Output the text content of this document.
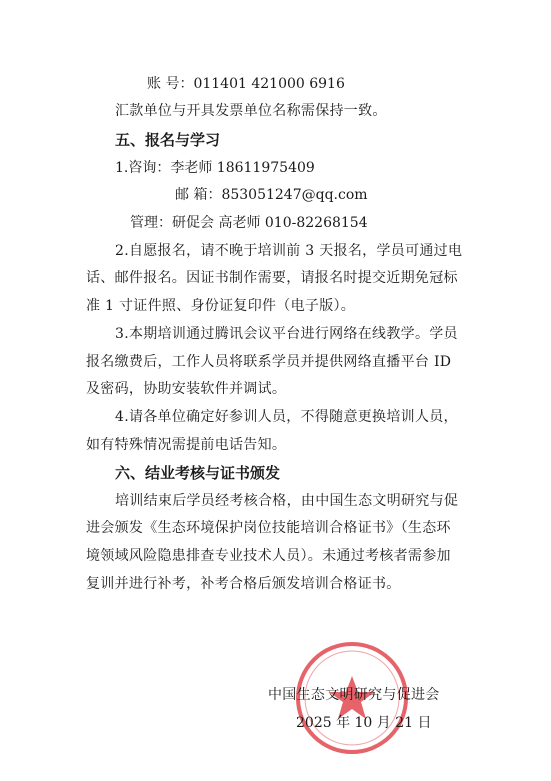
账 号：011401 421000 6916
汇款单位与开具发票单位名称需保持一致。
五、报名与学习
1.咨询：李老师 18611975409
邮 箱：853051247@qq.com
管理：研促会 高老师 010-82268154
2.自愿报名，请不晚于培训前 3 天报名，学员可通过电
话、邮件报名。因证书制作需要，请报名时提交近期免冠标
准 1 寸证件照、身份证复印件（电子版）。
3.本期培训通过腾讯会议平台进行网络在线教学。学员
报名缴费后，工作人员将联系学员并提供网络直播平台 ID
及密码，协助安装软件并调试。
4.请各单位确定好参训人员，不得随意更换培训人员，
如有特殊情况需提前电话告知。
六、结业考核与证书颁发
培训结束后学员经考核合格，由中国生态文明研究与促
进会颁发《生态环境保护岗位技能培训合格证书》（生态环
境领域风险隐患排查专业技术人员）。未通过考核者需参加
复训并进行补考，补考合格后颁发培训合格证书。
中国生态文明研究与促进会
2025 年 10 月 21 日
